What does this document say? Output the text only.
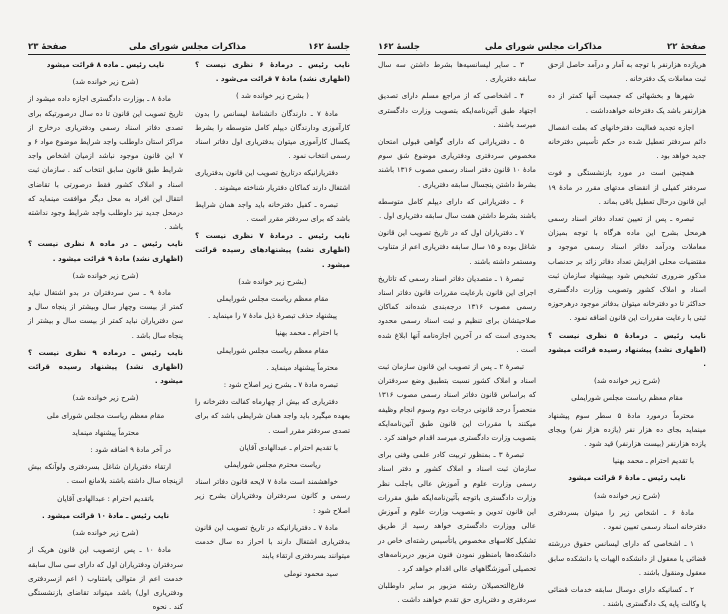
جلسهٔ ۱۶۲
مذاکرات مجلس شورای ملی
صفحهٔ ۲۳

نایب رئیس ـ درمادهٔ ۶ نظری نیست ؟ (اظهاری نشد) مادهٔ ۷ قرائت می‌شود .

( بشرح زیر خوانده شد )

مادهٔ ۷ ـ دارندگان دانشنامهٔ لیسانس را بدون کارآموزی ودارندگان دیپلم کامل متوسطه را بشرط یکسال کارآموزی میتوان بدفتریاری اول دفاتر اسناد رسمی انتخاب نمود .

دفتریارانیکه درتاریخ تصویب این قانون بدفتریاری اشتغال دارند کماکان دفتریار شناخته میشوند .

تبصره ـ کفیل دفترخانه باید واجد همان شرایط باشد که برای سردفتر مقرر است .

نایب رئیس ـ درمادهٔ ۷ نظری نیست ؟ (اظهاری نشد) پیشنهادهای رسیده قرائت میشود .

(بشرح زیر خوانده شد)

مقام معظم ریاست مجلس شورایملی

پیشنهاد حذف تبصرهٔ ذیل مادهٔ ۷ را مینماید .

با احترام ـ محمد بهنیا

مقام معظم ریاست مجلس شورایملی

محترماً پیشنهاد مینماید .

تبصره مادهٔ ۷ ـ بشرح زیر اصلاح شود :

دفتریاری که بیش از چهارماه کفالت دفترخانه را بعهده میگیرد باید واجد همان شرایطی باشد که برای تصدی سردفتر مقرر است .

با تقدیم احترام ـ عبدالهادی آقایان

ریاست محترم مجلس شورایملی

خواهشمند است مادهٔ ۷ لایحه قانون دفاتر اسناد رسمی و کانون سردفتران ودفتریاران بشرح زیر اصلاح شود :

مادهٔ ۷ ـ دفتریارانیکه در تاریخ تصویب این قانون بدفتریاری اشتغال دارند با احراز ده سال خدمت میتوانند بسردفتری ارتقاء یابند

سید محمود نوملی

نایب رئیس ـ ماده ۸ قرائت میشود

(شرح زیر خوانده شد)

مادهٔ ۸ ـ بوزارت دادگستری اجازه داده میشود از تاریخ تصویب این قانون تا ده سال درصورتیکه برای تصدی دفاتر اسناد رسمی ودفتریاری درخارج از مراکز استان داوطلب واجد شرایط موضوع مواد ۶ و ۷ این قانون موجود نباشد ازمیان اشخاص واجد شرایط طبق قانون سابق انتخاب کند . سازمان ثبت اسناد و املاک کشور فقط درصورتی با تقاضای انتقال این افراد به محل دیگر موافقت مینماید که درمحل جدید نیز داوطلب واجد شرایط وجود نداشته باشد .

نایب رئیس ـ در ماده ۸ نظری نیست ؟ (اظهاری نشد) مادهٔ ۹ قرائت میشود .

(شرح زیر خوانده شد)

مادهٔ ۹ ـ سن سردفتران در بدو اشتغال نباید کمتر از بیست وچهار سال وبیشتر از پنجاه سال و سن دفتریاران نباید کمتر از بیست سال و بیشتر از پنجاه سال باشد .

نایب رئیس ـ درماده ۹ نظری نیست ؟ (اظهاری نشد) پیشنهاد رسیده قرائت میشود .

(شرح زیر خوانده شد)

مقام معظم ریاست مجلس شورای ملی

محترماً پیشنهاد مینماید

در آخر مادهٔ ۹ اضافه شود :

ارتقاء دفتریاران شاغل بسردفتری ولوآنکه بیش ازپنجاه سال داشته باشند بلامانع است .

باتقدیم احترام : عبدالهادی آقایان

نایب رئیس ـ مادهٔ ۱۰ قرائت میشود .

(شرح زیر خوانده شد)

مادهٔ ۱۰ ـ پس ازتصویب این قانون هریک از سردفتران ودفتریاران اول که دارای سی سال سابقه خدمت اعم از متوالی یامتناوب ( اعم ازسردفتری ودفتریاری اول) باشد میتواند تقاضای بازنشستگی کند . نحوه

صفحهٔ ۲۲
مذاکرات مجلس شورای ملی
جلسهٔ ۱۶۲

هریازده هزارنفر با توجه به آمار و درآمد حاصل ازحق ثبت معاملات یک دفترخانه .

شهرها و بخشهائی که جمعیت آنها کمتر از ده هزارنفر باشد یک دفترخانه خواهدداشت .

اجازه تجدید فعالیت دفترخانهای که بعلت انفصال دائم سردفتر تعطیل شده در حکم تأسیس دفترخانه جدید خواهد بود .

همچنین است در مورد بازنشستگی و فوت سردفتر کفیلی از انقضای مدتهای مقرر در مادهٔ ۱۹ این قانون درحال تعطیل باقی بماند .

تبصره ـ پس از تعیین تعداد دفاتر اسناد رسمی هرمحل بشرح این ماده هرگاه با توجه بمیزان معاملات ودرآمد دفاتر اسناد رسمی موجود و مقتضیات محلی افزایش تعداد دفاتر زائد بر حدنصاب مذکور ضروری تشخیص شود بپیشنهاد سازمان ثبت اسناد و املاک کشور وتصویب وزارت دادگستری حداکثر تا دو دفترخانه میتوان بدفاتر موجود درهرحوزه ثبتی با رعایت مقررات این قانون اضافه نمود .

نایب رئیس ـ درمادهٔ ۵ نظری نیست ؟ (اظهاری نشد) پیشنهاد رسیده قرائت میشود .

(شرح زیر خوانده شد)

مقام معظم ریاست مجلس شورایملی

محترماً درمورد مادهٔ ۵ سطر سوم پیشنهاد مینماید بجای ده هزار نفر (یازده هزار نفر) وبجای یازده هزارنفر (بیست هزارنفر) قید شود .

با تقدیم احترام ـ محمد بهنیا

نایب رئیس ـ مادهٔ ۶ قرائت میشود

(شرح زیر خوانده شد)

مادهٔ ۶ ـ اشخاص زیر را میتوان بسردفتری دفترخانه اسناد رسمی تعیین نمود .

۱ ـ اشخاصی که دارای لیسانس حقوق دررشته قضائی یا معقول از دانشکده الهیات یا دانشکده سابق معقول ومنقول باشند .

۲ ـ کسانیکه دارای دوسال سابقه خدمات قضائی یا وکالت پایه یک دادگستری باشند .

۳ ـ سایر لیسانسیه‌ها بشرط داشتن سه سال سابقه دفتریاری .

۴ ـ اشخاصی که از مراجع مسلم دارای تصدیق اجتهاد طبق آئین‌نامه‌ایکه بتصویب وزارت دادگستری میرسد باشند .

۵ ـ دفتریارانی که دارای گواهی قبولی امتحان مخصوص سردفتری ودفتریاری موضوع شق سوم مادهٔ ۱۰ قانون دفتر اسناد رسمی مصوب ۱۳۱۶ باشند بشرط داشتن پنجسال سابقه دفتریاری .

۶ ـ دفتریارانی که دارای دیپلم کامل متوسطه باشند بشرط داشتن هفت سال سابقه دفتریاری اول .

۷ ـ دفتریاران اول که در تاریخ تصویب این قانون شاغل بوده و ۱۵ سال سابقه دفتریاری اعم از متناوب ومستمر داشته باشند .

تبصرهٔ ۱ ـ متصدیان دفاتر اسناد رسمی که تاتاریخ اجرای این قانون بارعایت مقررات قانون دفاتر اسناد رسمی مصوب ۱۳۱۶ درجه‌بندی شده‌اند کماکان صلاحیتشان برای تنظیم و ثبت اسناد رسمی محدود بحدودی است که در آخرین اجازه‌نامه آنها ابلاغ شده است .

تبصرهٔ ۲ ـ پس از تصویب این قانون سازمان ثبت اسناد و املاک کشور نسبت بتطبیق وضع سردفتران که براساس قانون دفاتر اسناد رسمی مصوب ۱۳۱۶ منحصراً درحد قانونی درجات دوم وسوم انجام وظیفه میکنند با مقررات این قانون طبق آئین‌نامه‌ایکه بتصویب وزارت دادگستری میرسد اقدام خواهند کرد .

تبصرهٔ ۳ ـ بمنظور تربیت کادر علمی وفنی برای سازمان ثبت اسناد و املاک کشور و دفتر اسناد رسمی وزارت علوم و آموزش عالی باجلب نظر وزارت دادگستری باتوجه بآئین‌نامه‌ایکه طبق مقررات این قانون تدوین و بتصویب وزارت علوم و آموزش عالی ووزارت دادگستری خواهد رسید از طریق تشکیل کلاسهای مخصوص یاتأسیس رشته‌ای خاص در دانشکده‌ها بامنظور نمودن فنون مزبور دربرنامه‌های تحصیلی آموزشگاههای عالی اقدام خواهد کرد .

فارغ‌التحصیلان رشته مزبور بر سایر داوطلبان سردفتری و دفتریاری حق تقدم خواهند داشت .
